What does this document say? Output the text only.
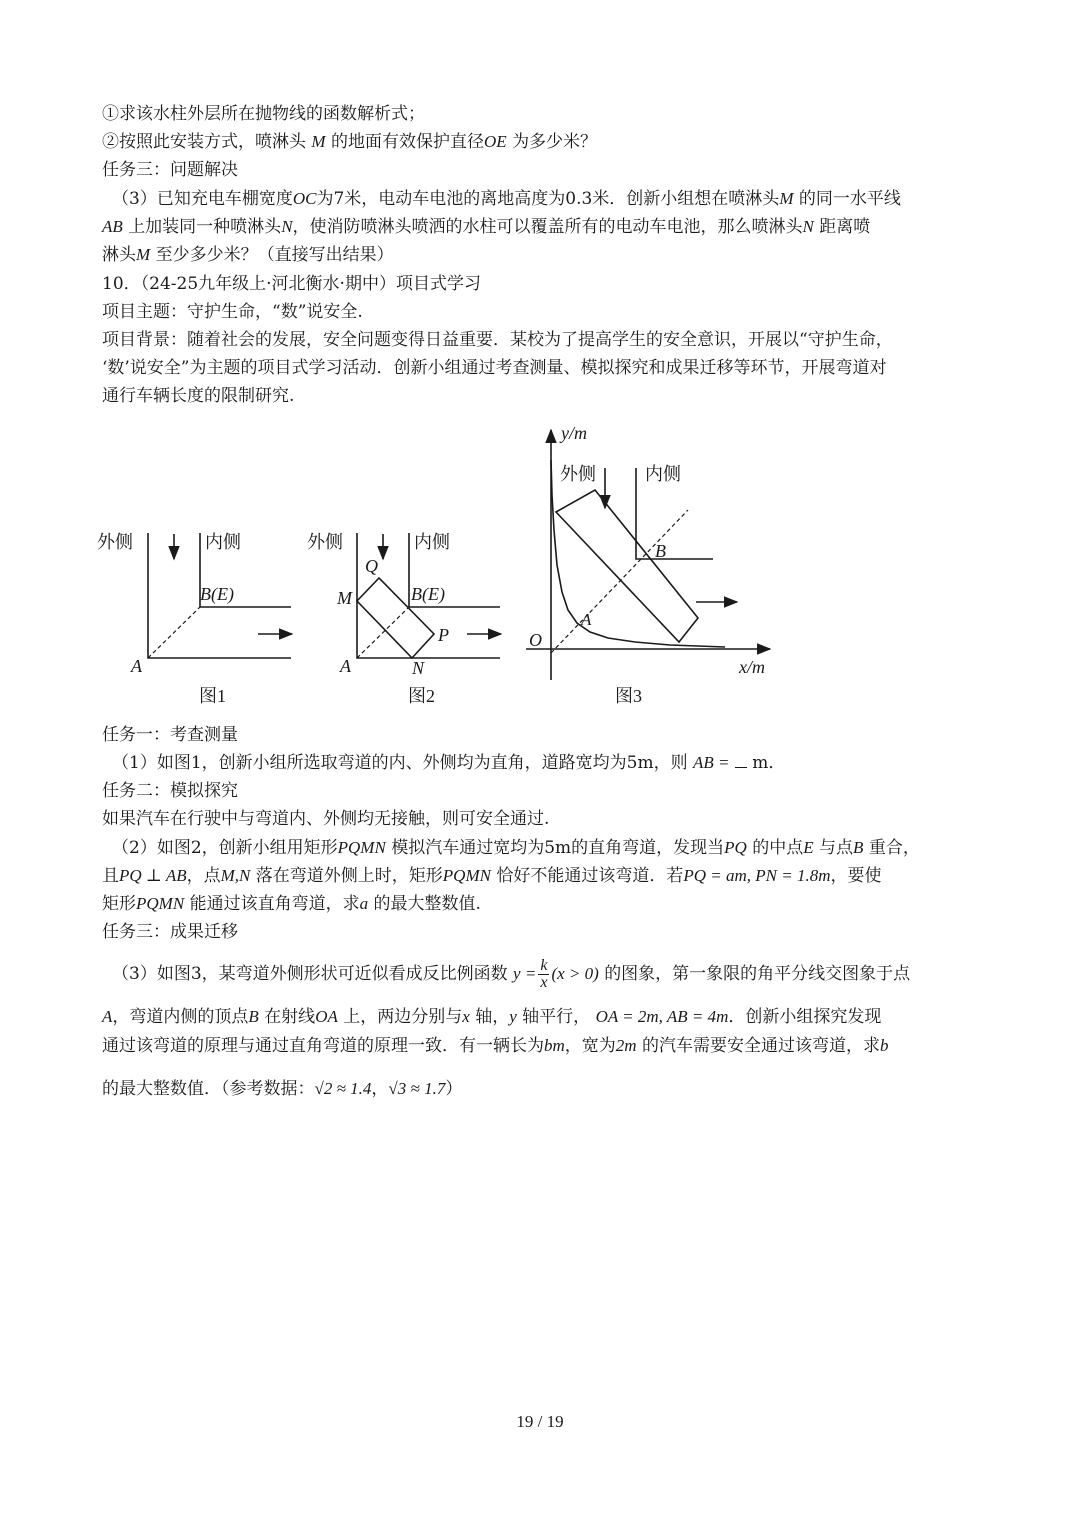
①求该水柱外层所在抛物线的函数解析式；
②按照此安装方式，喷淋头 M 的地面有效保护直径OE 为多少米？
任务三：问题解决
（3）已知充电车棚宽度OC为7米，电动车电池的离地高度为0.3米．创新小组想在喷淋头M 的同一水平线
AB 上加装同一种喷淋头N，使消防喷淋头喷洒的水柱可以覆盖所有的电动车电池，那么喷淋头N 距离喷
淋头M 至少多少米？（直接写出结果）
10．（24-25九年级上·河北衡水·期中）项目式学习
项目主题：守护生命，“数”说安全.
项目背景：随着社会的发展，安全问题变得日益重要．某校为了提高学生的安全意识，开展以“守护生命，
‘数’说安全”为主题的项目式学习活动．创新小组通过考查测量、模拟探究和成果迁移等环节，开展弯道对
通行车辆长度的限制研究.
外侧	内侧
B(E)
A
图1
外侧	内侧
Q
M	B(E)
P
A	N
图2
y/m
外侧	内侧
B
A
O
x/m
图3
任务一：考查测量
（1）如图1，创新小组所选取弯道的内、外侧均为直角，道路宽均为5m，则 AB = m．
任务二：模拟探究
如果汽车在行驶中与弯道内、外侧均无接触，则可安全通过.
（2）如图2，创新小组用矩形PQMN 模拟汽车通过宽均为5m的直角弯道，发现当PQ 的中点E 与点B 重合，
且PQ ⊥ AB，点M,N 落在弯道外侧上时，矩形PQMN 恰好不能通过该弯道．若PQ = am, PN = 1.8m，要使
矩形PQMN 能通过该直角弯道，求a 的最大整数值.
任务三：成果迁移
（3）如图3，某弯道外侧形状可近似看成反比例函数 $y = \frac{k}{x} (x > 0)$ 的图象，第一象限的角平分线交图象于点
A，弯道内侧的顶点B 在射线OA 上，两边分别与x 轴，y 轴平行， OA = 2m, AB = 4m．创新小组探究发现
通过该弯道的原理与通过直角弯道的原理一致．有一辆长为bm，宽为2m 的汽车需要安全通过该弯道，求b
的最大整数值．（参考数据：√2 ≈ 1.4，√3 ≈ 1.7）
19 / 19
